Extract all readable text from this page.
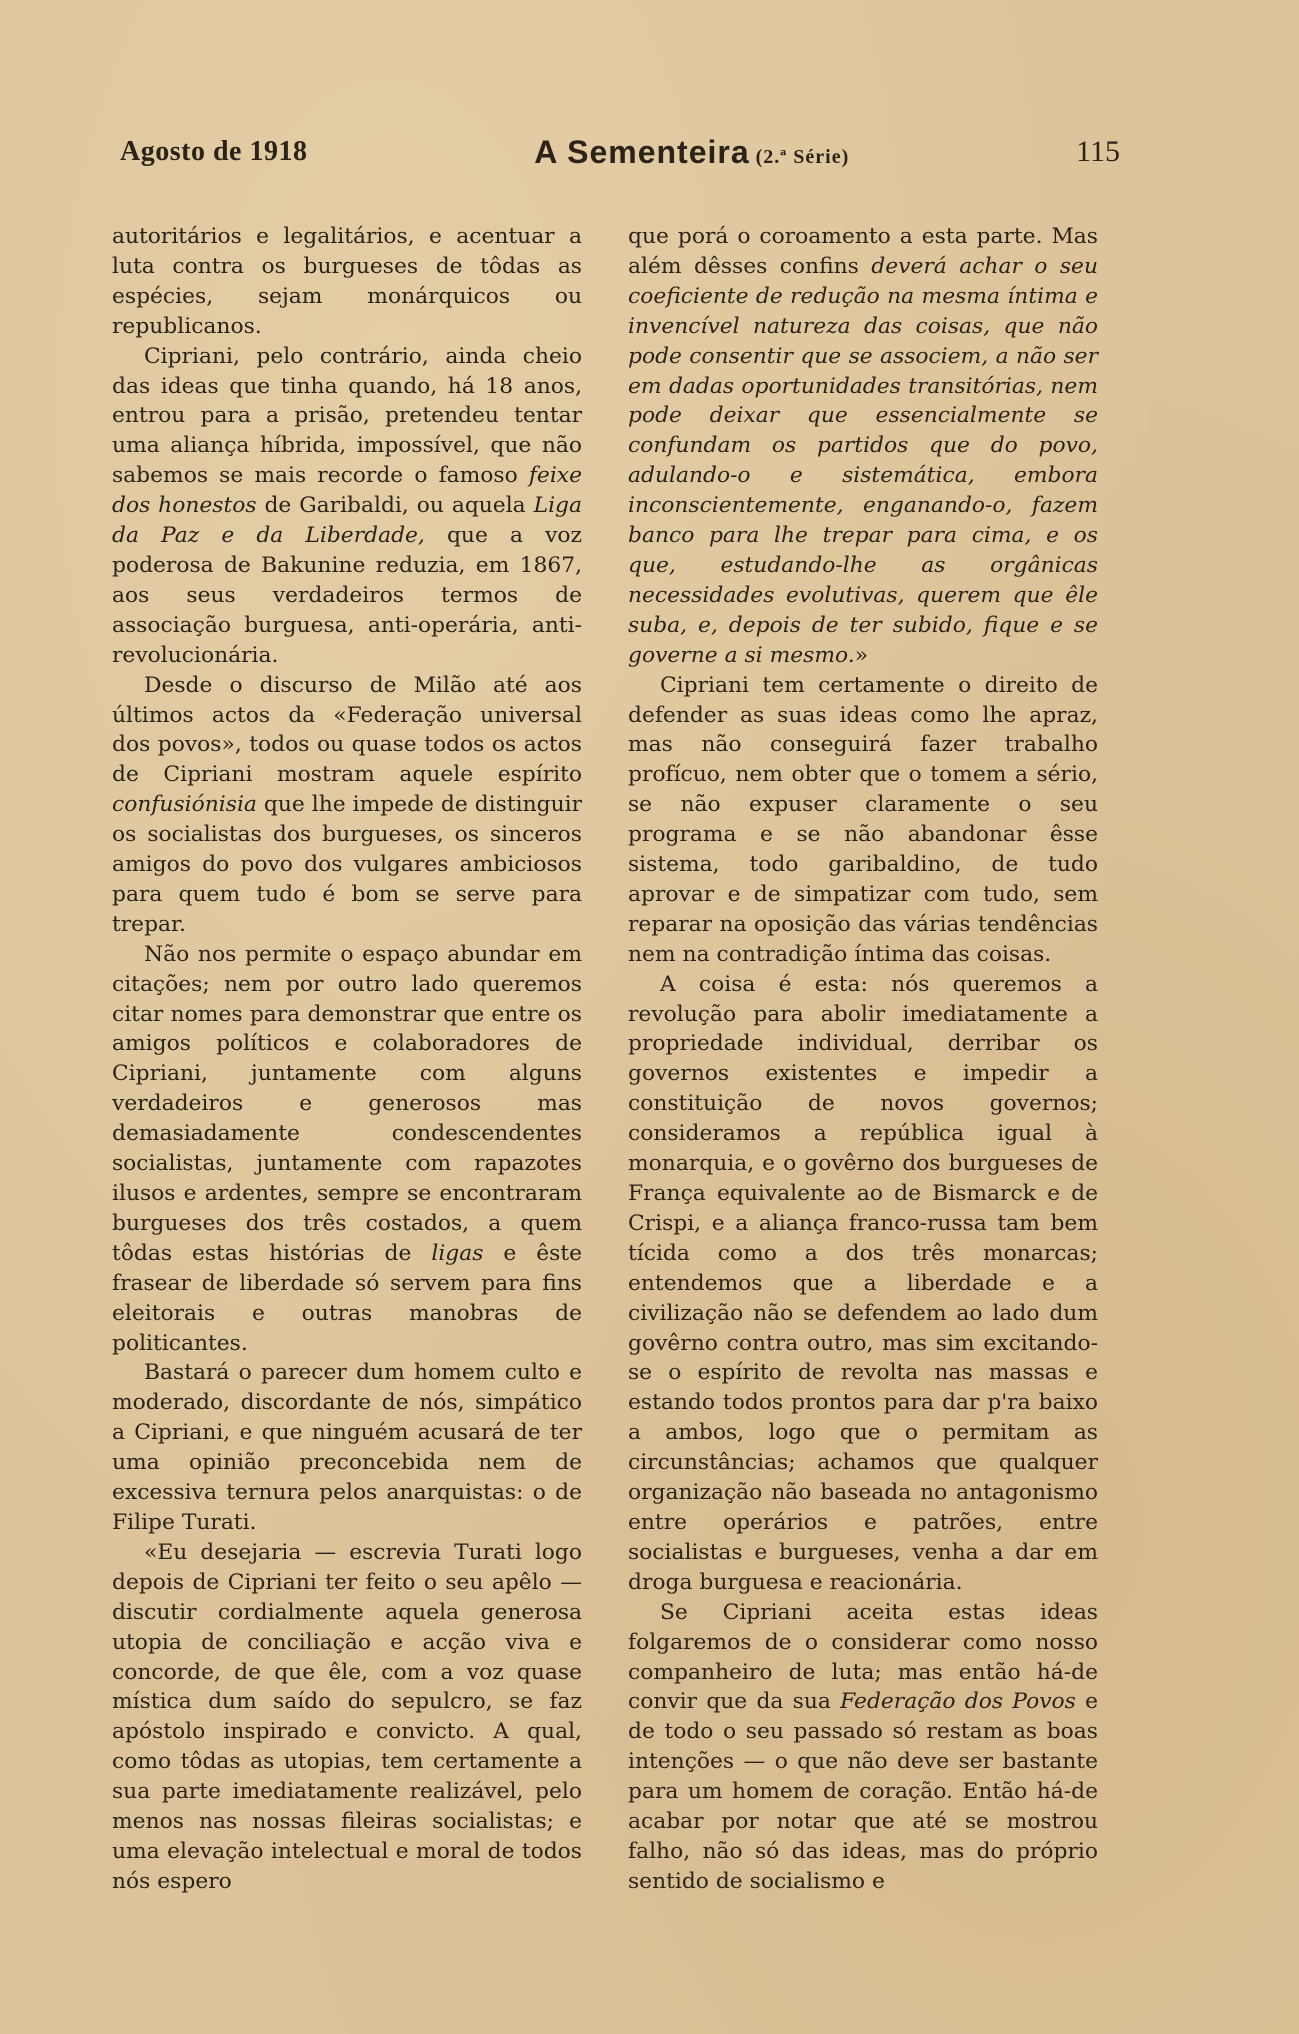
Agosto de 1918	A Sementeira (2.ª Série)	115

autoritários e legalitários, e acentuar a luta contra os burgueses de tôdas as espécies, sejam monárquicos ou republicanos.

Cipriani, pelo contrário, ainda cheio das ideas que tinha quando, há 18 anos, entrou para a prisão, pretendeu tentar uma aliança híbrida, impossível, que não sabemos se mais recorde o famoso feixe dos honestos de Garibaldi, ou aquela Liga da Paz e da Liberdade, que a voz poderosa de Bakunine reduzia, em 1867, aos seus verdadeiros termos de associação burguesa, anti-operária, anti-revolucionária.

Desde o discurso de Milão até aos últimos actos da «Federação universal dos povos», todos ou quase todos os actos de Cipriani mostram aquele espírito confusiónisia que lhe impede de distinguir os socialistas dos burgueses, os sinceros amigos do povo dos vulgares ambiciosos para quem tudo é bom se serve para trepar.

Não nos permite o espaço abundar em citações; nem por outro lado queremos citar nomes para demonstrar que entre os amigos políticos e colaboradores de Cipriani, juntamente com alguns verdadeiros e generosos mas demasiadamente condescendentes socialistas, juntamente com rapazotes ilusos e ardentes, sempre se encontraram burgueses dos três costados, a quem tôdas estas histórias de ligas e êste frasear de liberdade só servem para fins eleitorais e outras manobras de politicantes.

Bastará o parecer dum homem culto e moderado, discordante de nós, simpático a Cipriani, e que ninguém acusará de ter uma opinião preconcebida nem de excessiva ternura pelos anarquistas: o de Filipe Turati.

«Eu desejaria — escrevia Turati logo depois de Cipriani ter feito o seu apêlo — discutir cordialmente aquela generosa utopia de conciliação e acção viva e concorde, de que êle, com a voz quase mística dum saído do sepulcro, se faz apóstolo inspirado e convicto. A qual, como tôdas as utopias, tem certamente a sua parte imediatamente realizável, pelo menos nas nossas fileiras socialistas; e uma elevação intelectual e moral de todos nós espero

que porá o coroamento a esta parte. Mas além dêsses confins deverá achar o seu coeficiente de redução na mesma íntima e invencível natureza das coisas, que não pode consentir que se associem, a não ser em dadas oportunidades transitórias, nem pode deixar que essencialmente se confundam os partidos que do povo, adulando-o e sistemática, embora inconscientemente, enganando-o, fazem banco para lhe trepar para cima, e os que, estudando-lhe as orgânicas necessidades evolutivas, querem que êle suba, e, depois de ter subido, fique e se governe a si mesmo.»

Cipriani tem certamente o direito de defender as suas ideas como lhe apraz, mas não conseguirá fazer trabalho profícuo, nem obter que o tomem a sério, se não expuser claramente o seu programa e se não abandonar êsse sistema, todo garibaldino, de tudo aprovar e de simpatizar com tudo, sem reparar na oposição das várias tendências nem na contradição íntima das coisas.

A coisa é esta: nós queremos a revolução para abolir imediatamente a propriedade individual, derribar os governos existentes e impedir a constituição de novos governos; consideramos a república igual à monarquia, e o govêrno dos burgueses de França equivalente ao de Bismarck e de Crispi, e a aliança franco-russa tam bem tícida como a dos três monarcas; entendemos que a liberdade e a civilização não se defendem ao lado dum govêrno contra outro, mas sim excitando-se o espírito de revolta nas massas e estando todos prontos para dar p'ra baixo a ambos, logo que o permitam as circunstâncias; achamos que qualquer organização não baseada no antagonismo entre operários e patrões, entre socialistas e burgueses, venha a dar em droga burguesa e reacionária.

Se Cipriani aceita estas ideas folgaremos de o considerar como nosso companheiro de luta; mas então há-de convir que da sua Federação dos Povos e de todo o seu passado só restam as boas intenções — o que não deve ser bastante para um homem de coração. Então há-de acabar por notar que até se mostrou falho, não só das ideas, mas do próprio sentido de socialismo e
